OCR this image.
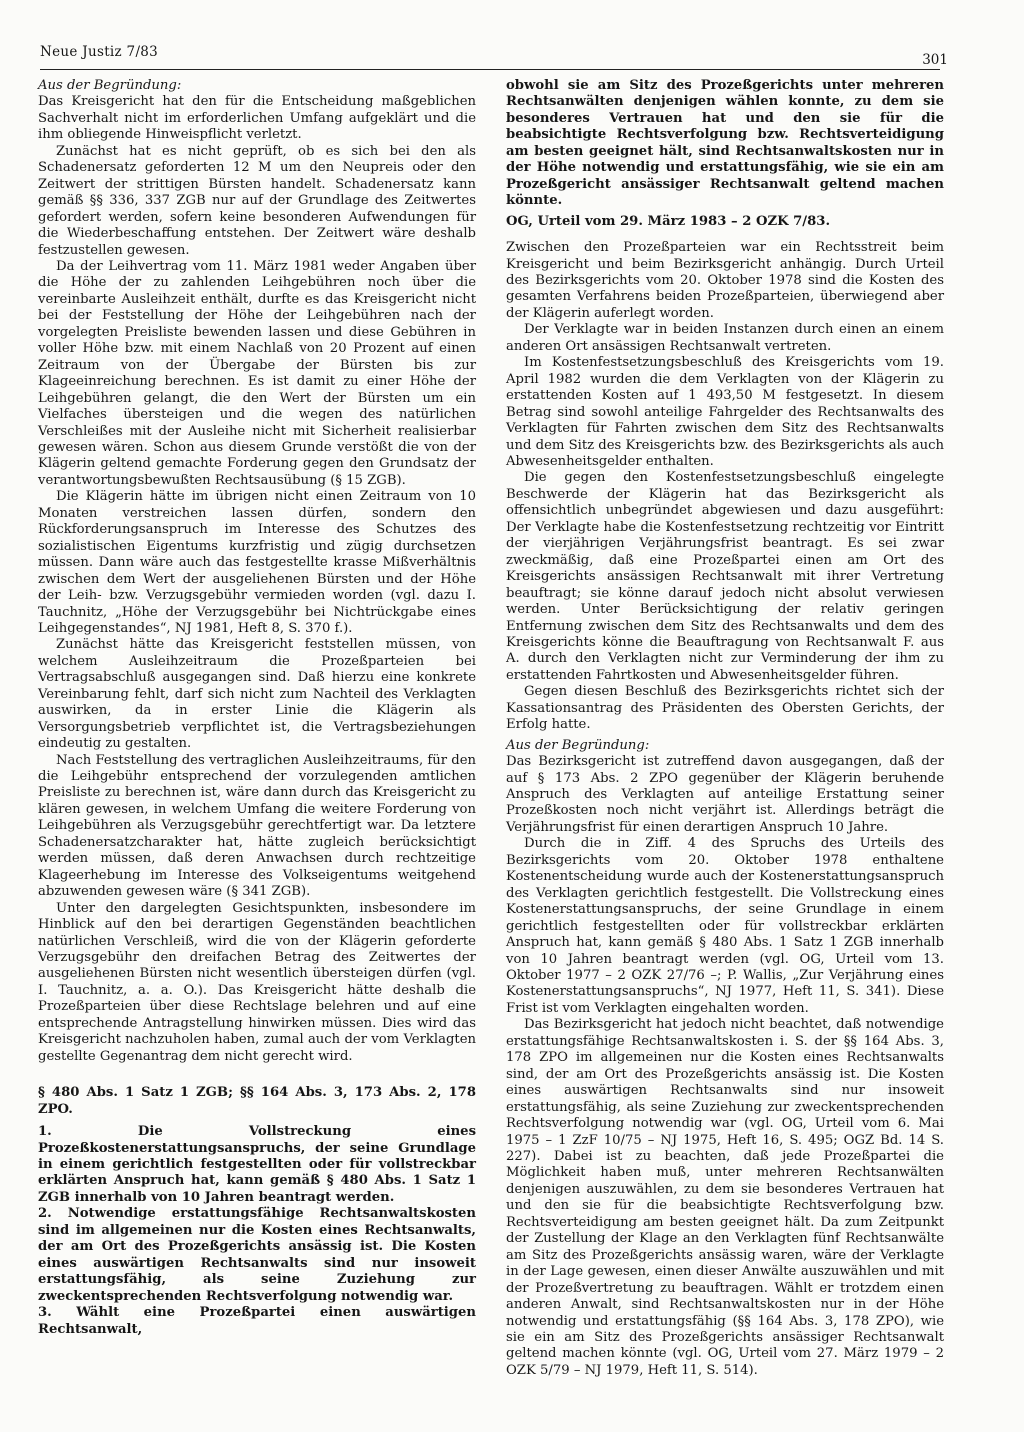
Neue Justiz 7/83	301

Aus der Begründung:

Das Kreisgericht hat den für die Entscheidung maßgeblichen Sachverhalt nicht im erforderlichen Umfang aufgeklärt und die ihm obliegende Hinweispflicht verletzt.

Zunächst hat es nicht geprüft, ob es sich bei den als Schadenersatz geforderten 12 M um den Neupreis oder den Zeitwert der strittigen Bürsten handelt. Schadenersatz kann gemäß §§ 336, 337 ZGB nur auf der Grundlage des Zeitwertes gefordert werden, sofern keine besonderen Aufwendungen für die Wiederbeschaffung entstehen. Der Zeitwert wäre deshalb festzustellen gewesen.

Da der Leihvertrag vom 11. März 1981 weder Angaben über die Höhe der zu zahlenden Leihgebühren noch über die vereinbarte Ausleihzeit enthält, durfte es das Kreisgericht nicht bei der Feststellung der Höhe der Leihgebühren nach der vorgelegten Preisliste bewenden lassen und diese Gebühren in voller Höhe bzw. mit einem Nachlaß von 20 Prozent auf einen Zeitraum von der Übergabe der Bürsten bis zur Klageeinreichung berechnen. Es ist damit zu einer Höhe der Leihgebühren gelangt, die den Wert der Bürsten um ein Vielfaches übersteigen und die wegen des natürlichen Verschleißes mit der Ausleihe nicht mit Sicherheit realisierbar gewesen wären. Schon aus diesem Grunde verstößt die von der Klägerin geltend gemachte Forderung gegen den Grundsatz der verantwortungsbewußten Rechtsausübung (§ 15 ZGB).

Die Klägerin hätte im übrigen nicht einen Zeitraum von 10 Monaten verstreichen lassen dürfen, sondern den Rückforderungsanspruch im Interesse des Schutzes des sozialistischen Eigentums kurzfristig und zügig durchsetzen müssen. Dann wäre auch das festgestellte krasse Mißverhältnis zwischen dem Wert der ausgeliehenen Bürsten und der Höhe der Leih- bzw. Verzugsgebühr vermieden worden (vgl. dazu I. Tauchnitz, „Höhe der Verzugsgebühr bei Nichtrückgabe eines Leihgegenstandes“, NJ 1981, Heft 8, S. 370 f.).

Zunächst hätte das Kreisgericht feststellen müssen, von welchem Ausleihzeitraum die Prozeßparteien bei Vertragsabschluß ausgegangen sind. Daß hierzu eine konkrete Vereinbarung fehlt, darf sich nicht zum Nachteil des Verklagten auswirken, da in erster Linie die Klägerin als Versorgungsbetrieb verpflichtet ist, die Vertragsbeziehungen eindeutig zu gestalten.

Nach Feststellung des vertraglichen Ausleihzeitraums, für den die Leihgebühr entsprechend der vorzulegenden amtlichen Preisliste zu berechnen ist, wäre dann durch das Kreisgericht zu klären gewesen, in welchem Umfang die weitere Forderung von Leihgebühren als Verzugsgebühr gerechtfertigt war. Da letztere Schadenersatzcharakter hat, hätte zugleich berücksichtigt werden müssen, daß deren Anwachsen durch rechtzeitige Klageerhebung im Interesse des Volkseigentums weitgehend abzuwenden gewesen wäre (§ 341 ZGB).

Unter den dargelegten Gesichtspunkten, insbesondere im Hinblick auf den bei derartigen Gegenständen beachtlichen natürlichen Verschleiß, wird die von der Klägerin geforderte Verzugsgebühr den dreifachen Betrag des Zeitwertes der ausgeliehenen Bürsten nicht wesentlich übersteigen dürfen (vgl. I. Tauchnitz, a. a. O.). Das Kreisgericht hätte deshalb die Prozeßparteien über diese Rechtslage belehren und auf eine entsprechende Antragstellung hinwirken müssen. Dies wird das Kreisgericht nachzuholen haben, zumal auch der vom Verklagten gestellte Gegenantrag dem nicht gerecht wird.

§ 480 Abs. 1 Satz 1 ZGB; §§ 164 Abs. 3, 173 Abs. 2, 178 ZPO.

1. Die Vollstreckung eines Prozeßkostenerstattungsanspruchs, der seine Grundlage in einem gerichtlich festgestellten oder für vollstreckbar erklärten Anspruch hat, kann gemäß § 480 Abs. 1 Satz 1 ZGB innerhalb von 10 Jahren beantragt werden.

2. Notwendige erstattungsfähige Rechtsanwaltskosten sind im allgemeinen nur die Kosten eines Rechtsanwalts, der am Ort des Prozeßgerichts ansässig ist. Die Kosten eines auswärtigen Rechtsanwalts sind nur insoweit erstattungsfähig, als seine Zuziehung zur zweckentsprechenden Rechtsverfolgung notwendig war.

3. Wählt eine Prozeßpartei einen auswärtigen Rechtsanwalt,

obwohl sie am Sitz des Prozeßgerichts unter mehreren Rechtsanwälten denjenigen wählen konnte, zu dem sie besonderes Vertrauen hat und den sie für die beabsichtigte Rechtsverfolgung bzw. Rechtsverteidigung am besten geeignet hält, sind Rechtsanwaltskosten nur in der Höhe notwendig und erstattungsfähig, wie sie ein am Prozeßgericht ansässiger Rechtsanwalt geltend machen könnte.

OG, Urteil vom 29. März 1983 – 2 OZK 7/83.

Zwischen den Prozeßparteien war ein Rechtsstreit beim Kreisgericht und beim Bezirksgericht anhängig. Durch Urteil des Bezirksgerichts vom 20. Oktober 1978 sind die Kosten des gesamten Verfahrens beiden Prozeßparteien, überwiegend aber der Klägerin auferlegt worden.

Der Verklagte war in beiden Instanzen durch einen an einem anderen Ort ansässigen Rechtsanwalt vertreten.

Im Kostenfestsetzungsbeschluß des Kreisgerichts vom 19. April 1982 wurden die dem Verklagten von der Klägerin zu erstattenden Kosten auf 1 493,50 M festgesetzt. In diesem Betrag sind sowohl anteilige Fahrgelder des Rechtsanwalts des Verklagten für Fahrten zwischen dem Sitz des Rechtsanwalts und dem Sitz des Kreisgerichts bzw. des Bezirksgerichts als auch Abwesenheitsgelder enthalten.

Die gegen den Kostenfestsetzungsbeschluß eingelegte Beschwerde der Klägerin hat das Bezirksgericht als offensichtlich unbegründet abgewiesen und dazu ausgeführt: Der Verklagte habe die Kostenfestsetzung rechtzeitig vor Eintritt der vierjährigen Verjährungsfrist beantragt. Es sei zwar zweckmäßig, daß eine Prozeßpartei einen am Ort des Kreisgerichts ansässigen Rechtsanwalt mit ihrer Vertretung beauftragt; sie könne darauf jedoch nicht absolut verwiesen werden. Unter Berücksichtigung der relativ geringen Entfernung zwischen dem Sitz des Rechtsanwalts und dem des Kreisgerichts könne die Beauftragung von Rechtsanwalt F. aus A. durch den Verklagten nicht zur Verminderung der ihm zu erstattenden Fahrtkosten und Abwesenheitsgelder führen.

Gegen diesen Beschluß des Bezirksgerichts richtet sich der Kassationsantrag des Präsidenten des Obersten Gerichts, der Erfolg hatte.

Aus der Begründung:

Das Bezirksgericht ist zutreffend davon ausgegangen, daß der auf § 173 Abs. 2 ZPO gegenüber der Klägerin beruhende Anspruch des Verklagten auf anteilige Erstattung seiner Prozeßkosten noch nicht verjährt ist. Allerdings beträgt die Verjährungsfrist für einen derartigen Anspruch 10 Jahre.

Durch die in Ziff. 4 des Spruchs des Urteils des Bezirksgerichts vom 20. Oktober 1978 enthaltene Kostenentscheidung wurde auch der Kostenerstattungsanspruch des Verklagten gerichtlich festgestellt. Die Vollstreckung eines Kostenerstattungsanspruchs, der seine Grundlage in einem gerichtlich festgestellten oder für vollstreckbar erklärten Anspruch hat, kann gemäß § 480 Abs. 1 Satz 1 ZGB innerhalb von 10 Jahren beantragt werden (vgl. OG, Urteil vom 13. Oktober 1977 – 2 OZK 27/76 –; P. Wallis, „Zur Verjährung eines Kostenerstattungsanspruchs“, NJ 1977, Heft 11, S. 341). Diese Frist ist vom Verklagten eingehalten worden.

Das Bezirksgericht hat jedoch nicht beachtet, daß notwendige erstattungsfähige Rechtsanwaltskosten i. S. der §§ 164 Abs. 3, 178 ZPO im allgemeinen nur die Kosten eines Rechtsanwalts sind, der am Ort des Prozeßgerichts ansässig ist. Die Kosten eines auswärtigen Rechtsanwalts sind nur insoweit erstattungsfähig, als seine Zuziehung zur zweckentsprechenden Rechtsverfolgung notwendig war (vgl. OG, Urteil vom 6. Mai 1975 – 1 ZzF 10/75 – NJ 1975, Heft 16, S. 495; OGZ Bd. 14 S. 227). Dabei ist zu beachten, daß jede Prozeßpartei die Möglichkeit haben muß, unter mehreren Rechtsanwälten denjenigen auszuwählen, zu dem sie besonderes Vertrauen hat und den sie für die beabsichtigte Rechtsverfolgung bzw. Rechtsverteidigung am besten geeignet hält. Da zum Zeitpunkt der Zustellung der Klage an den Verklagten fünf Rechtsanwälte am Sitz des Prozeßgerichts ansässig waren, wäre der Verklagte in der Lage gewesen, einen dieser Anwälte auszuwählen und mit der Prozeßvertretung zu beauftragen. Wählt er trotzdem einen anderen Anwalt, sind Rechtsanwaltskosten nur in der Höhe notwendig und erstattungsfähig (§§ 164 Abs. 3, 178 ZPO), wie sie ein am Sitz des Prozeßgerichts ansässiger Rechtsanwalt geltend machen könnte (vgl. OG, Urteil vom 27. März 1979 – 2 OZK 5/79 – NJ 1979, Heft 11, S. 514).
